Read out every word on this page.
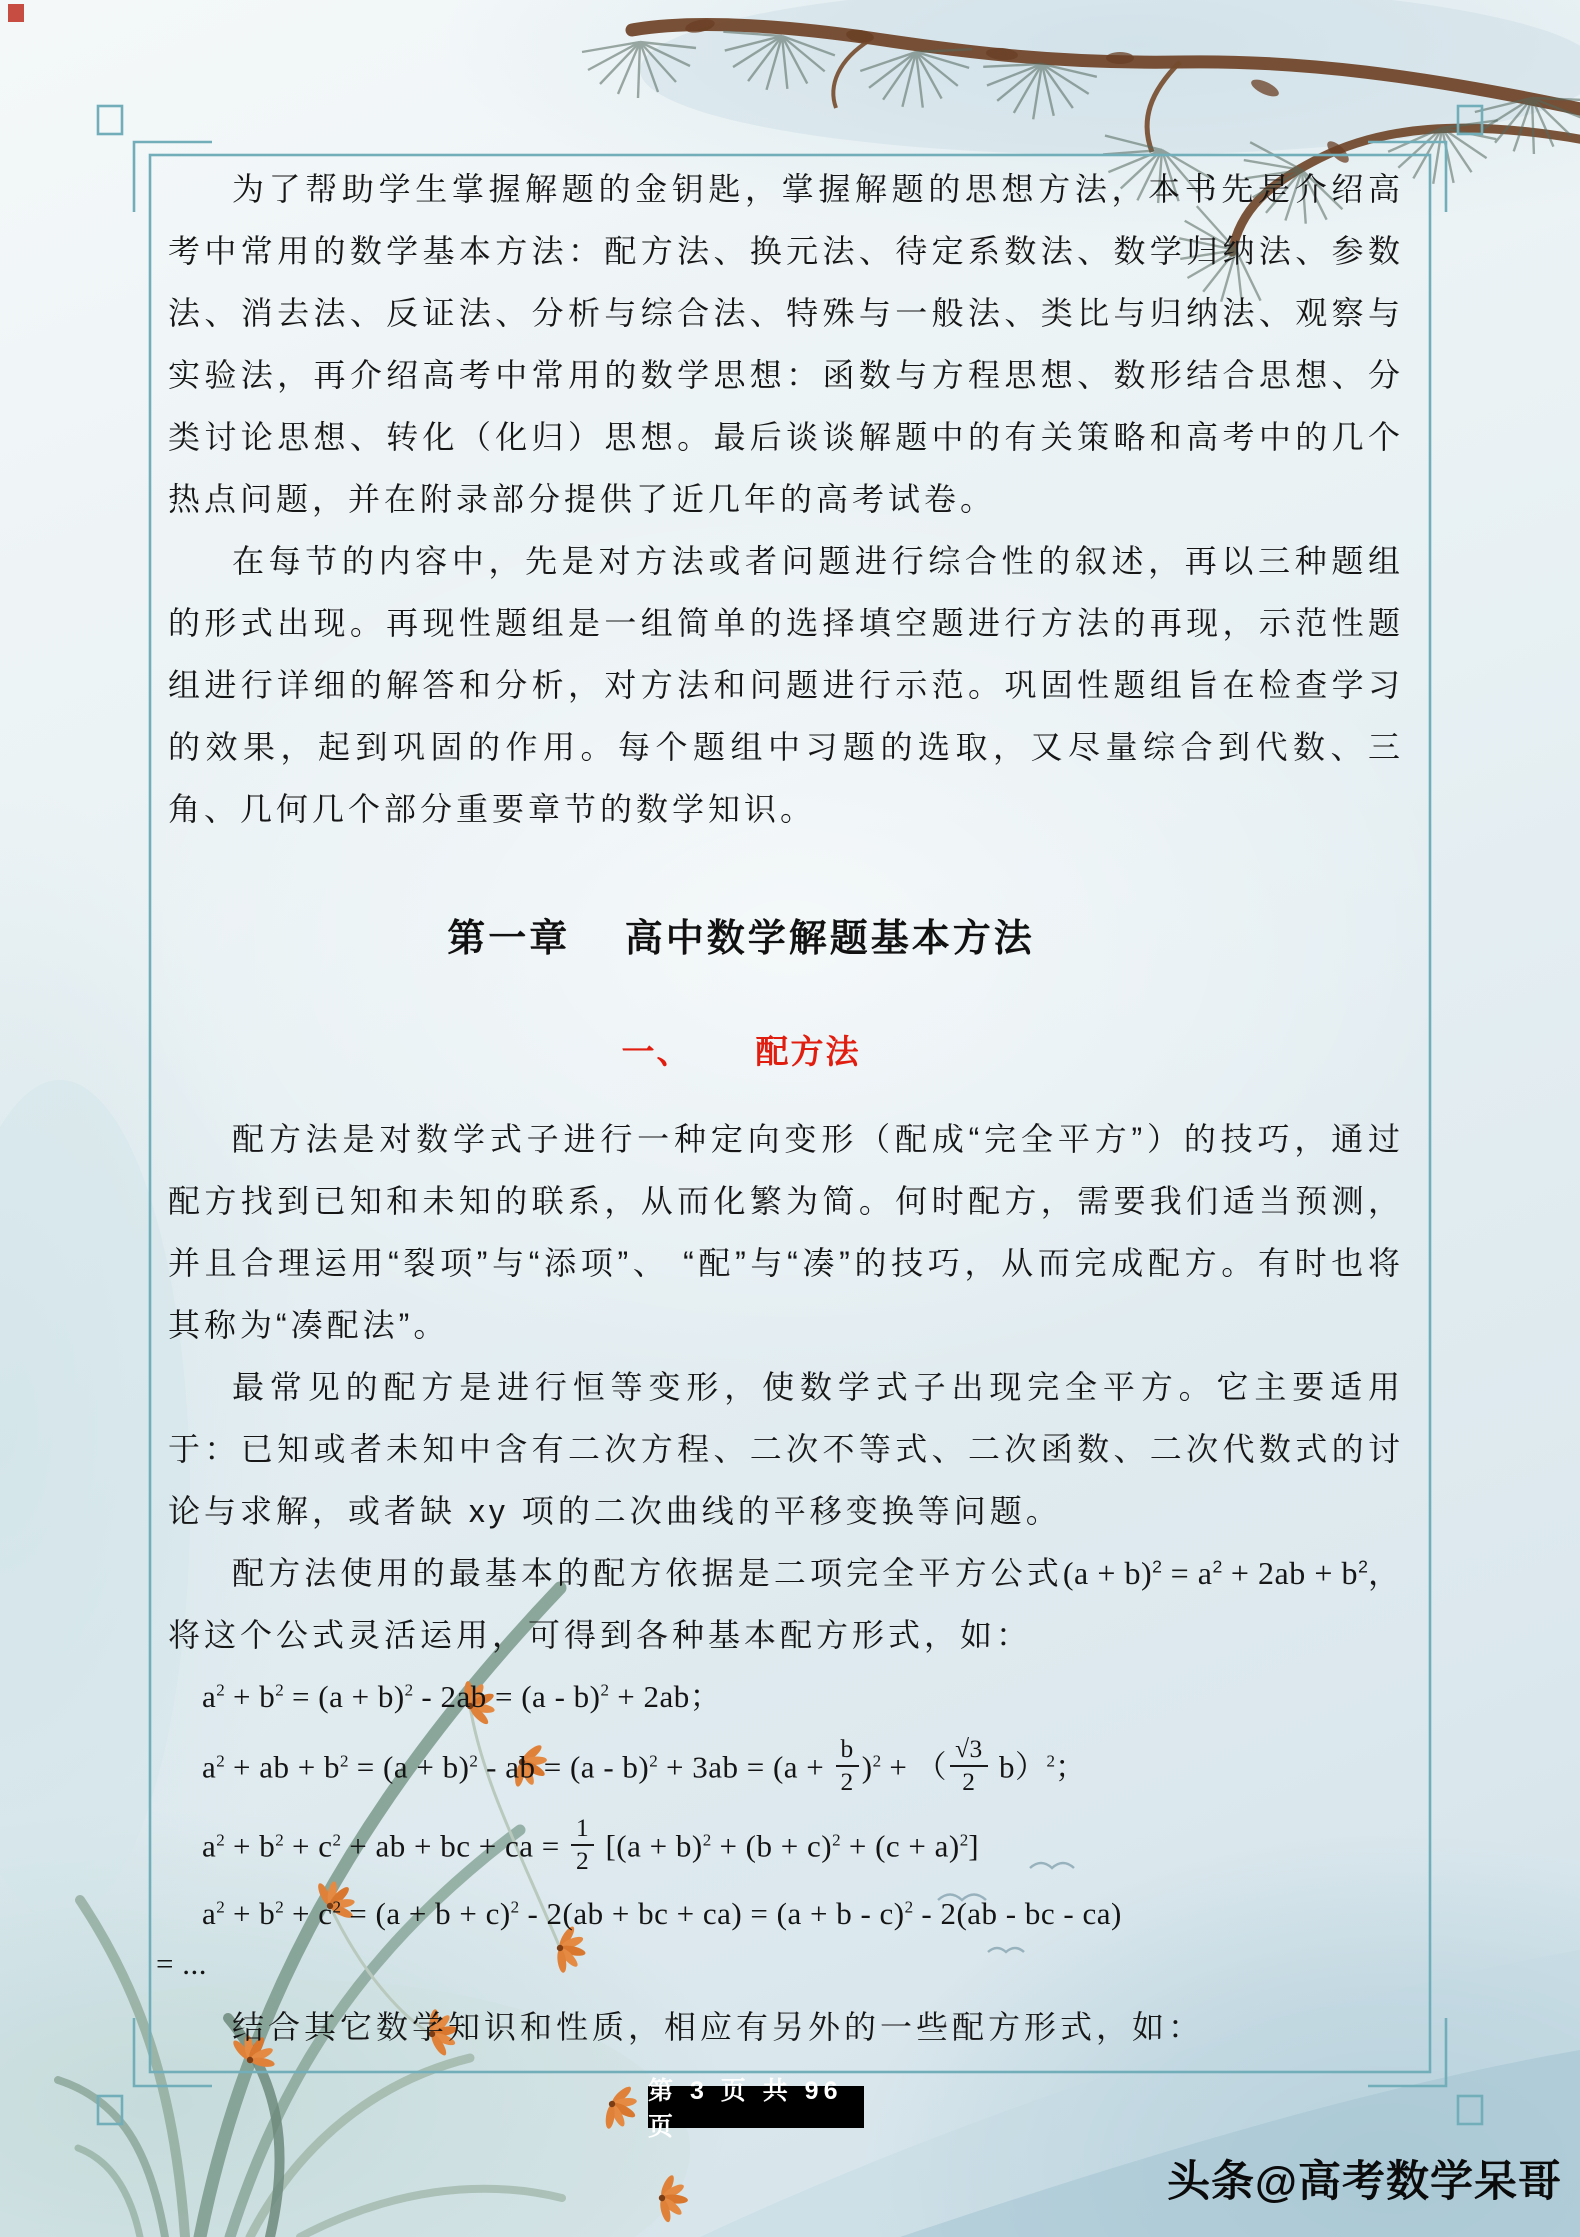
为了帮助学生掌握解题的金钥匙，掌握解题的思想方法，本书先是介绍高考中常用的数学基本方法：配方法、换元法、待定系数法、数学归纳法、参数法、消去法、反证法、分析与综合法、特殊与一般法、类比与归纳法、观察与实验法，再介绍高考中常用的数学思想：函数与方程思想、数形结合思想、分类讨论思想、转化（化归）思想。最后谈谈解题中的有关策略和高考中的几个热点问题，并在附录部分提供了近几年的高考试卷。

在每节的内容中，先是对方法或者问题进行综合性的叙述，再以三种题组的形式出现。再现性题组是一组简单的选择填空题进行方法的再现，示范性题组进行详细的解答和分析，对方法和问题进行示范。巩固性题组旨在检查学习的效果，起到巩固的作用。每个题组中习题的选取，又尽量综合到代数、三角、几何几个部分重要章节的数学知识。

第一章　 高中数学解题基本方法
一、 配方法

配方法是对数学式子进行一种定向变形（配成“完全平方”）的技巧，通过配方找到已知和未知的联系，从而化繁为简。何时配方，需要我们适当预测，并且合理运用“裂项”与“添项”、 “配”与“凑”的技巧，从而完成配方。有时也将其称为“凑配法”。

最常见的配方是进行恒等变形，使数学式子出现完全平方。它主要适用于：已知或者未知中含有二次方程、二次不等式、二次函数、二次代数式的讨论与求解，或者缺 xy 项的二次曲线的平移变换等问题。

配方法使用的最基本的配方依据是二项完全平方公式$(a + b)^2 = a^2 + 2ab + b^2$，将这个公式灵活运用，可得到各种基本配方形式，如：

$a^2 + b^2 = (a + b)^2 - 2ab = (a - b)^2 + 2ab$；
$a^2$ + ab + $b^2 = (a + b)^2$ - ab = $(a - b)^2 + 3ab = (a + \frac{b}{2} )^2$ + （ $\frac{√3}{2} b)^2$；
$a^2 + b^2 + c^2$ + ab + bc + ca = $\frac{1}{2} [(a + b)^2 + (b + c)^2 + (c + a)^2]$
$a^2 + b^2 + c^2 = (a + b + c)^2 - 2(ab$ + bc + $ca) = (a + b - c)^2 - 2(ab$ - bc - ca)
= ...

结合其它数学知识和性质，相应有另外的一些配方形式，如：

第 3 页 共 96 页
头条@高考数学呆哥
